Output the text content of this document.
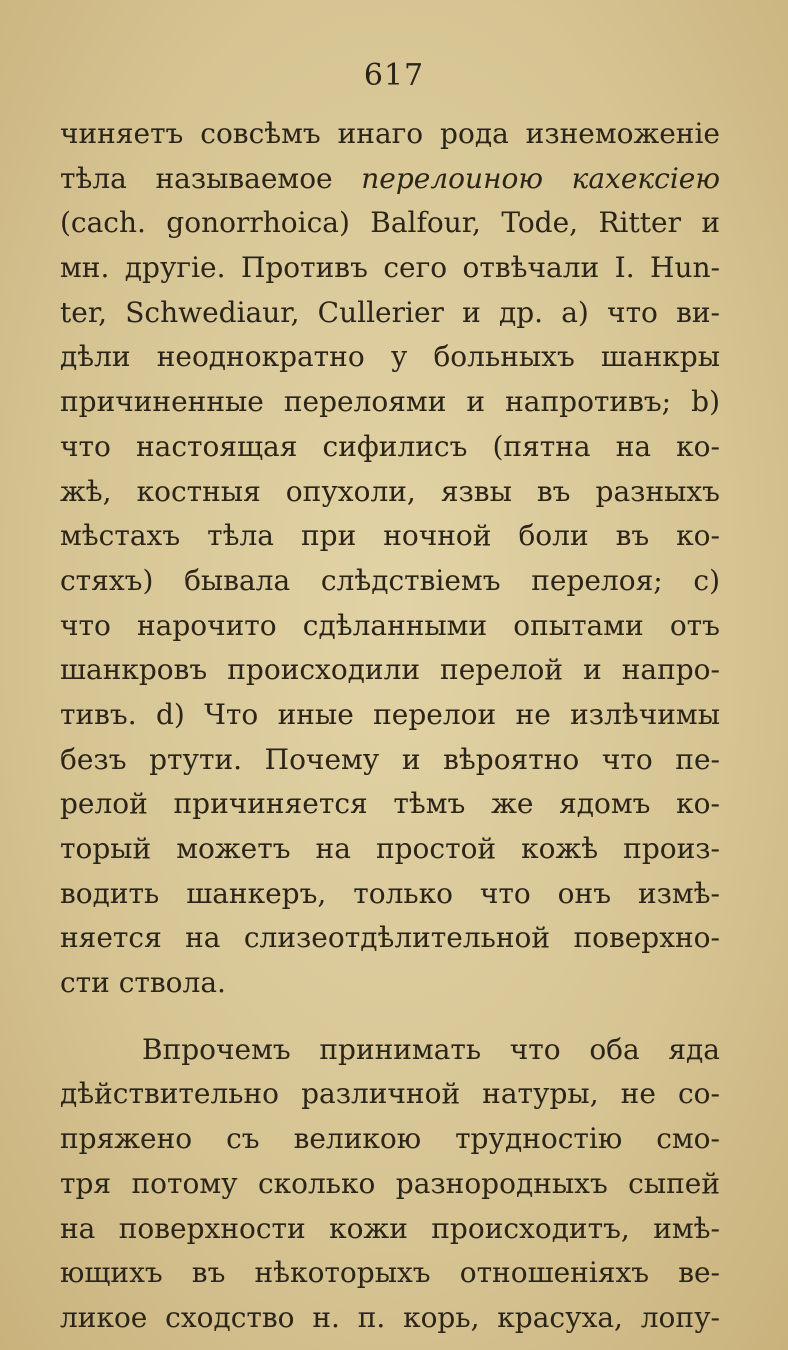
617
чиняетъ совсѣмъ инаго рода изнеможеніе
тѣла называемое перелоиною кахексіею
(cach. gonorrhoica) Balfour, Tode, Ritter и
мн. другіе. Противъ сего отвѣчали I. Hun-
ter, Schwediaur, Cullerier и др. a) что ви-
дѣли неоднократно у больныхъ шанкры
причиненные перелоями и напротивъ; b)
что настоящая сифилисъ (пятна на ко-
жѣ, костныя опухоли, язвы въ разныхъ
мѣстахъ тѣла при ночной боли въ ко-
стяхъ) бывала слѣдствіемъ перелоя; c)
что нарочито сдѣланными опытами отъ
шанкровъ происходили перелой и напро-
тивъ. d) Что иные перелои не излѣчимы
безъ ртути. Почему и вѣроятно что пе-
релой причиняется тѣмъ же ядомъ ко-
торый можетъ на простой кожѣ произ-
водить шанкеръ, только что онъ измѣ-
няется на слизеотдѣлительной поверхно-
сти ствола.
Впрочемъ принимать что оба яда
дѣйствительно различной натуры, не со-
пряжено съ великою трудностію смо-
тря потому сколько разнородныхъ сыпей
на поверхности кожи происходитъ, имѣ-
ющихъ въ нѣкоторыхъ отношеніяхъ ве-
ликое сходство н. п. корь, красуха, лопу-
